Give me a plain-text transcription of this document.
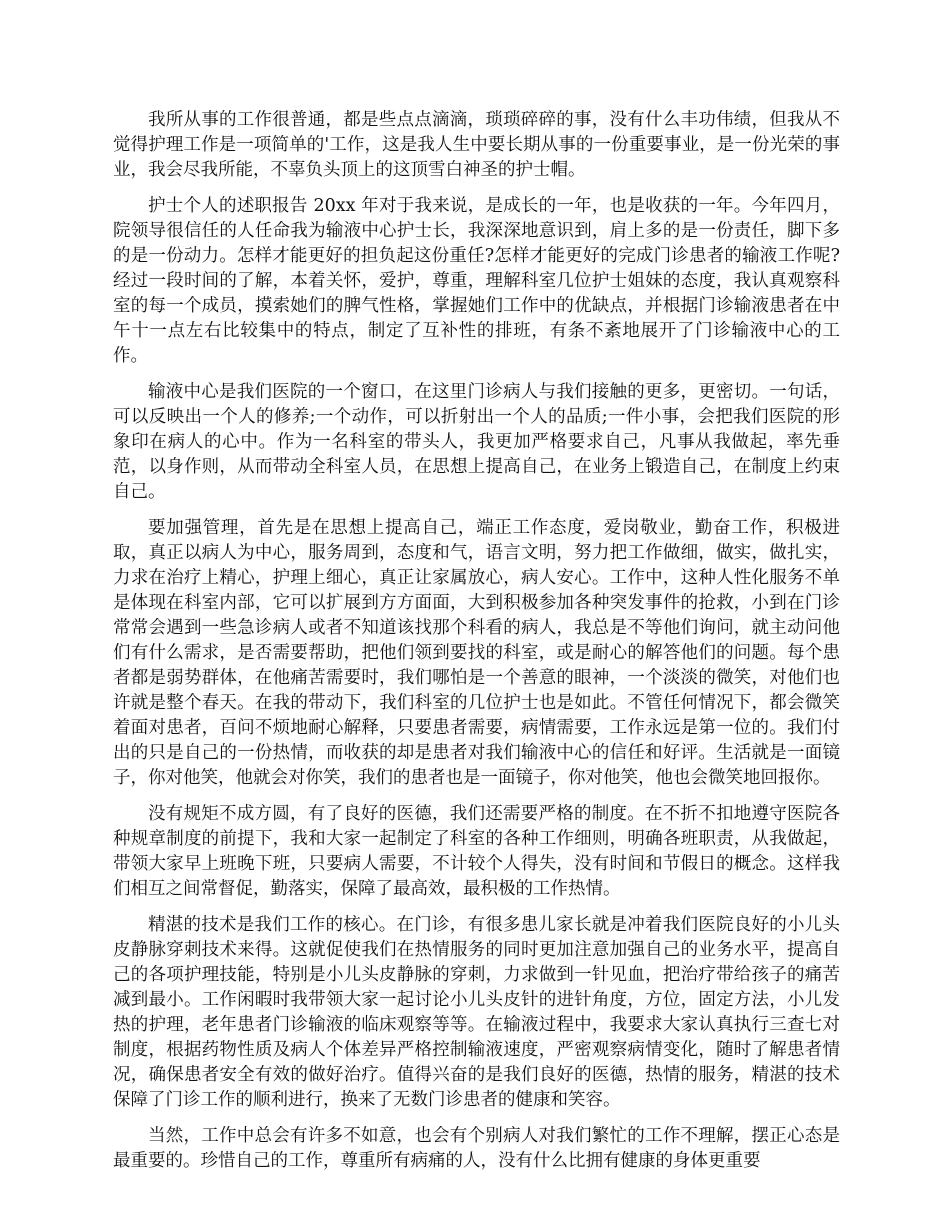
我所从事的工作很普通，都是些点点滴滴，琐琐碎碎的事，没有什么丰功伟绩，但我从不觉得护理工作是一项简单的'工作，这是我人生中要长期从事的一份重要事业，是一份光荣的事业，我会尽我所能，不辜负头顶上的这顶雪白神圣的护士帽。

护士个人的述职报告 20xx 年对于我来说，是成长的一年，也是收获的一年。今年四月，院领导很信任的人任命我为输液中心护士长，我深深地意识到，肩上多的是一份责任，脚下多的是一份动力。怎样才能更好的担负起这份重任?怎样才能更好的完成门诊患者的输液工作呢?经过一段时间的了解，本着关怀，爱护，尊重，理解科室几位护士姐妹的态度，我认真观察科室的每一个成员，摸索她们的脾气性格，掌握她们工作中的优缺点，并根据门诊输液患者在中午十一点左右比较集中的特点，制定了互补性的排班，有条不紊地展开了门诊输液中心的工作。

输液中心是我们医院的一个窗口，在这里门诊病人与我们接触的更多，更密切。一句话，可以反映出一个人的修养;一个动作，可以折射出一个人的品质;一件小事，会把我们医院的形象印在病人的心中。作为一名科室的带头人，我更加严格要求自己，凡事从我做起，率先垂范，以身作则，从而带动全科室人员，在思想上提高自己，在业务上锻造自己，在制度上约束自己。

要加强管理，首先是在思想上提高自己，端正工作态度，爱岗敬业，勤奋工作，积极进取，真正以病人为中心，服务周到，态度和气，语言文明，努力把工作做细，做实，做扎实，力求在治疗上精心，护理上细心，真正让家属放心，病人安心。工作中，这种人性化服务不单是体现在科室内部，它可以扩展到方方面面，大到积极参加各种突发事件的抢救，小到在门诊常常会遇到一些急诊病人或者不知道该找那个科看的病人，我总是不等他们询问，就主动问他们有什么需求，是否需要帮助，把他们领到要找的科室，或是耐心的解答他们的问题。每个患者都是弱势群体，在他痛苦需要时，我们哪怕是一个善意的眼神，一个淡淡的微笑，对他们也许就是整个春天。在我的带动下，我们科室的几位护士也是如此。不管任何情况下，都会微笑着面对患者，百问不烦地耐心解释，只要患者需要，病情需要，工作永远是第一位的。我们付出的只是自己的一份热情，而收获的却是患者对我们输液中心的信任和好评。生活就是一面镜子，你对他笑，他就会对你笑，我们的患者也是一面镜子，你对他笑，他也会微笑地回报你。

没有规矩不成方圆，有了良好的医德，我们还需要严格的制度。在不折不扣地遵守医院各种规章制度的前提下，我和大家一起制定了科室的各种工作细则，明确各班职责，从我做起，带领大家早上班晚下班，只要病人需要，不计较个人得失，没有时间和节假日的概念。这样我们相互之间常督促，勤落实，保障了最高效，最积极的工作热情。

精湛的技术是我们工作的核心。在门诊，有很多患儿家长就是冲着我们医院良好的小儿头皮静脉穿刺技术来得。这就促使我们在热情服务的同时更加注意加强自己的业务水平，提高自己的各项护理技能，特别是小儿头皮静脉的穿刺，力求做到一针见血，把治疗带给孩子的痛苦减到最小。工作闲暇时我带领大家一起讨论小儿头皮针的进针角度，方位，固定方法，小儿发热的护理，老年患者门诊输液的临床观察等等。在输液过程中，我要求大家认真执行三查七对制度，根据药物性质及病人个体差异严格控制输液速度，严密观察病情变化，随时了解患者情况，确保患者安全有效的做好治疗。值得兴奋的是我们良好的医德，热情的服务，精湛的技术保障了门诊工作的顺利进行，换来了无数门诊患者的健康和笑容。

当然，工作中总会有许多不如意，也会有个别病人对我们繁忙的工作不理解，摆正心态是最重要的。珍惜自己的工作，尊重所有病痛的人，没有什么比拥有健康的身体更重要
